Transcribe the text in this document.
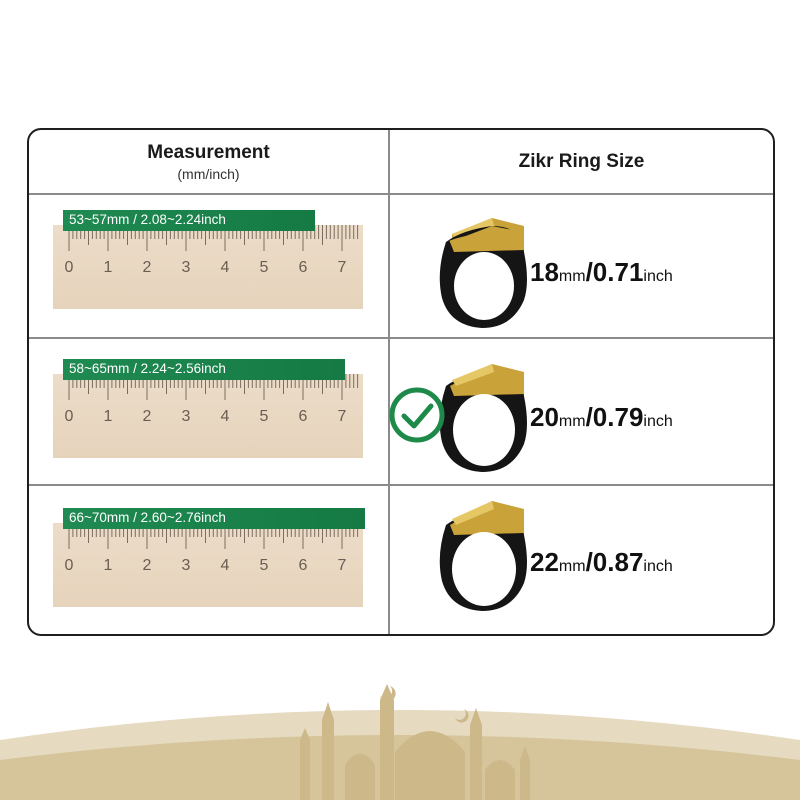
Measurement
(mm/inch)
Zikr Ring Size
0 1 2 3 4 5 6 7
53~57mm / 2.08~2.24inch
0 1 2 3 4 5 6 7
58~65mm / 2.24~2.56inch
0 1 2 3 4 5 6 7
66~70mm / 2.60~2.76inch
18mm/0.71inch
20mm/0.79inch
22mm/0.87inch
